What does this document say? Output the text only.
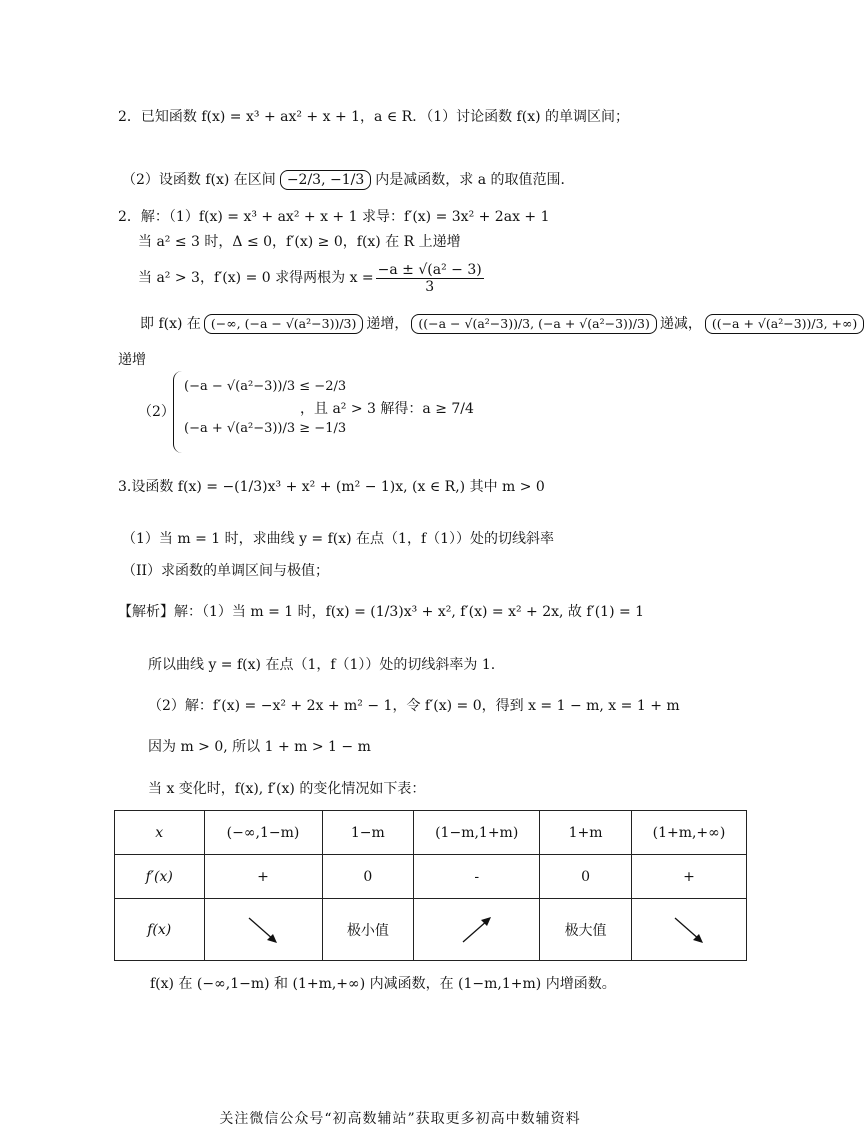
2．已知函数 f(x) = x³ + ax² + x + 1，a ∈ R．（1）讨论函数 f(x) 的单调区间；
（2）设函数 f(x) 在区间 −2/3, −1/3 内是减函数，求 a 的取值范围．
2．解：（1）f(x) = x³ + ax² + x + 1 求导：f′(x) = 3x² + 2ax + 1
当 a² ≤ 3 时，Δ ≤ 0，f′(x) ≥ 0，f(x) 在 R 上递增
当 a² > 3，f′(x) = 0 求得两根为 $x = \frac{\text{−a ± √(a² − 3)}}{3}$
即 f(x) 在 (−∞, (−a − √(a²−3))/3) 递增， ((−a − √(a²−3))/3, (−a + √(a²−3))/3) 递减， ((−a + √(a²−3))/3, +∞)
递增
（2）
(−a − √(a²−3))/3 ≤ −2/3
(−a + √(a²−3))/3 ≥ −1/3
，且 a² > 3 解得：a ≥ 7/4
3.设函数 f(x) = −(1/3)x³ + x² + (m² − 1)x, (x ∈ R,) 其中 m > 0
（1）当 m = 1 时，求曲线 y = f(x) 在点（1，f（1））处的切线斜率
（II）求函数的单调区间与极值；
【解析】解：（1）当 m = 1 时，f(x) = (1/3)x³ + x², f′(x) = x² + 2x, 故 f′(1) = 1
所以曲线 y = f(x) 在点（1，f（1））处的切线斜率为 1.
（2）解：f′(x) = −x² + 2x + m² − 1，令 f′(x) = 0，得到 x = 1 − m, x = 1 + m
因为 m > 0, 所以 1 + m > 1 − m
当 x 变化时，f(x), f′(x) 的变化情况如下表：
x	(−∞,1−m)	1−m	(1−m,1+m)	1+m	(1+m,+∞)
f′(x)	+	0	-	0	+
f(x)		极小值		极大值	
f(x) 在 (−∞,1−m) 和 (1+m,+∞) 内减函数，在 (1−m,1+m) 内增函数。
关注微信公众号“初高数辅站”获取更多初高中数辅资料
